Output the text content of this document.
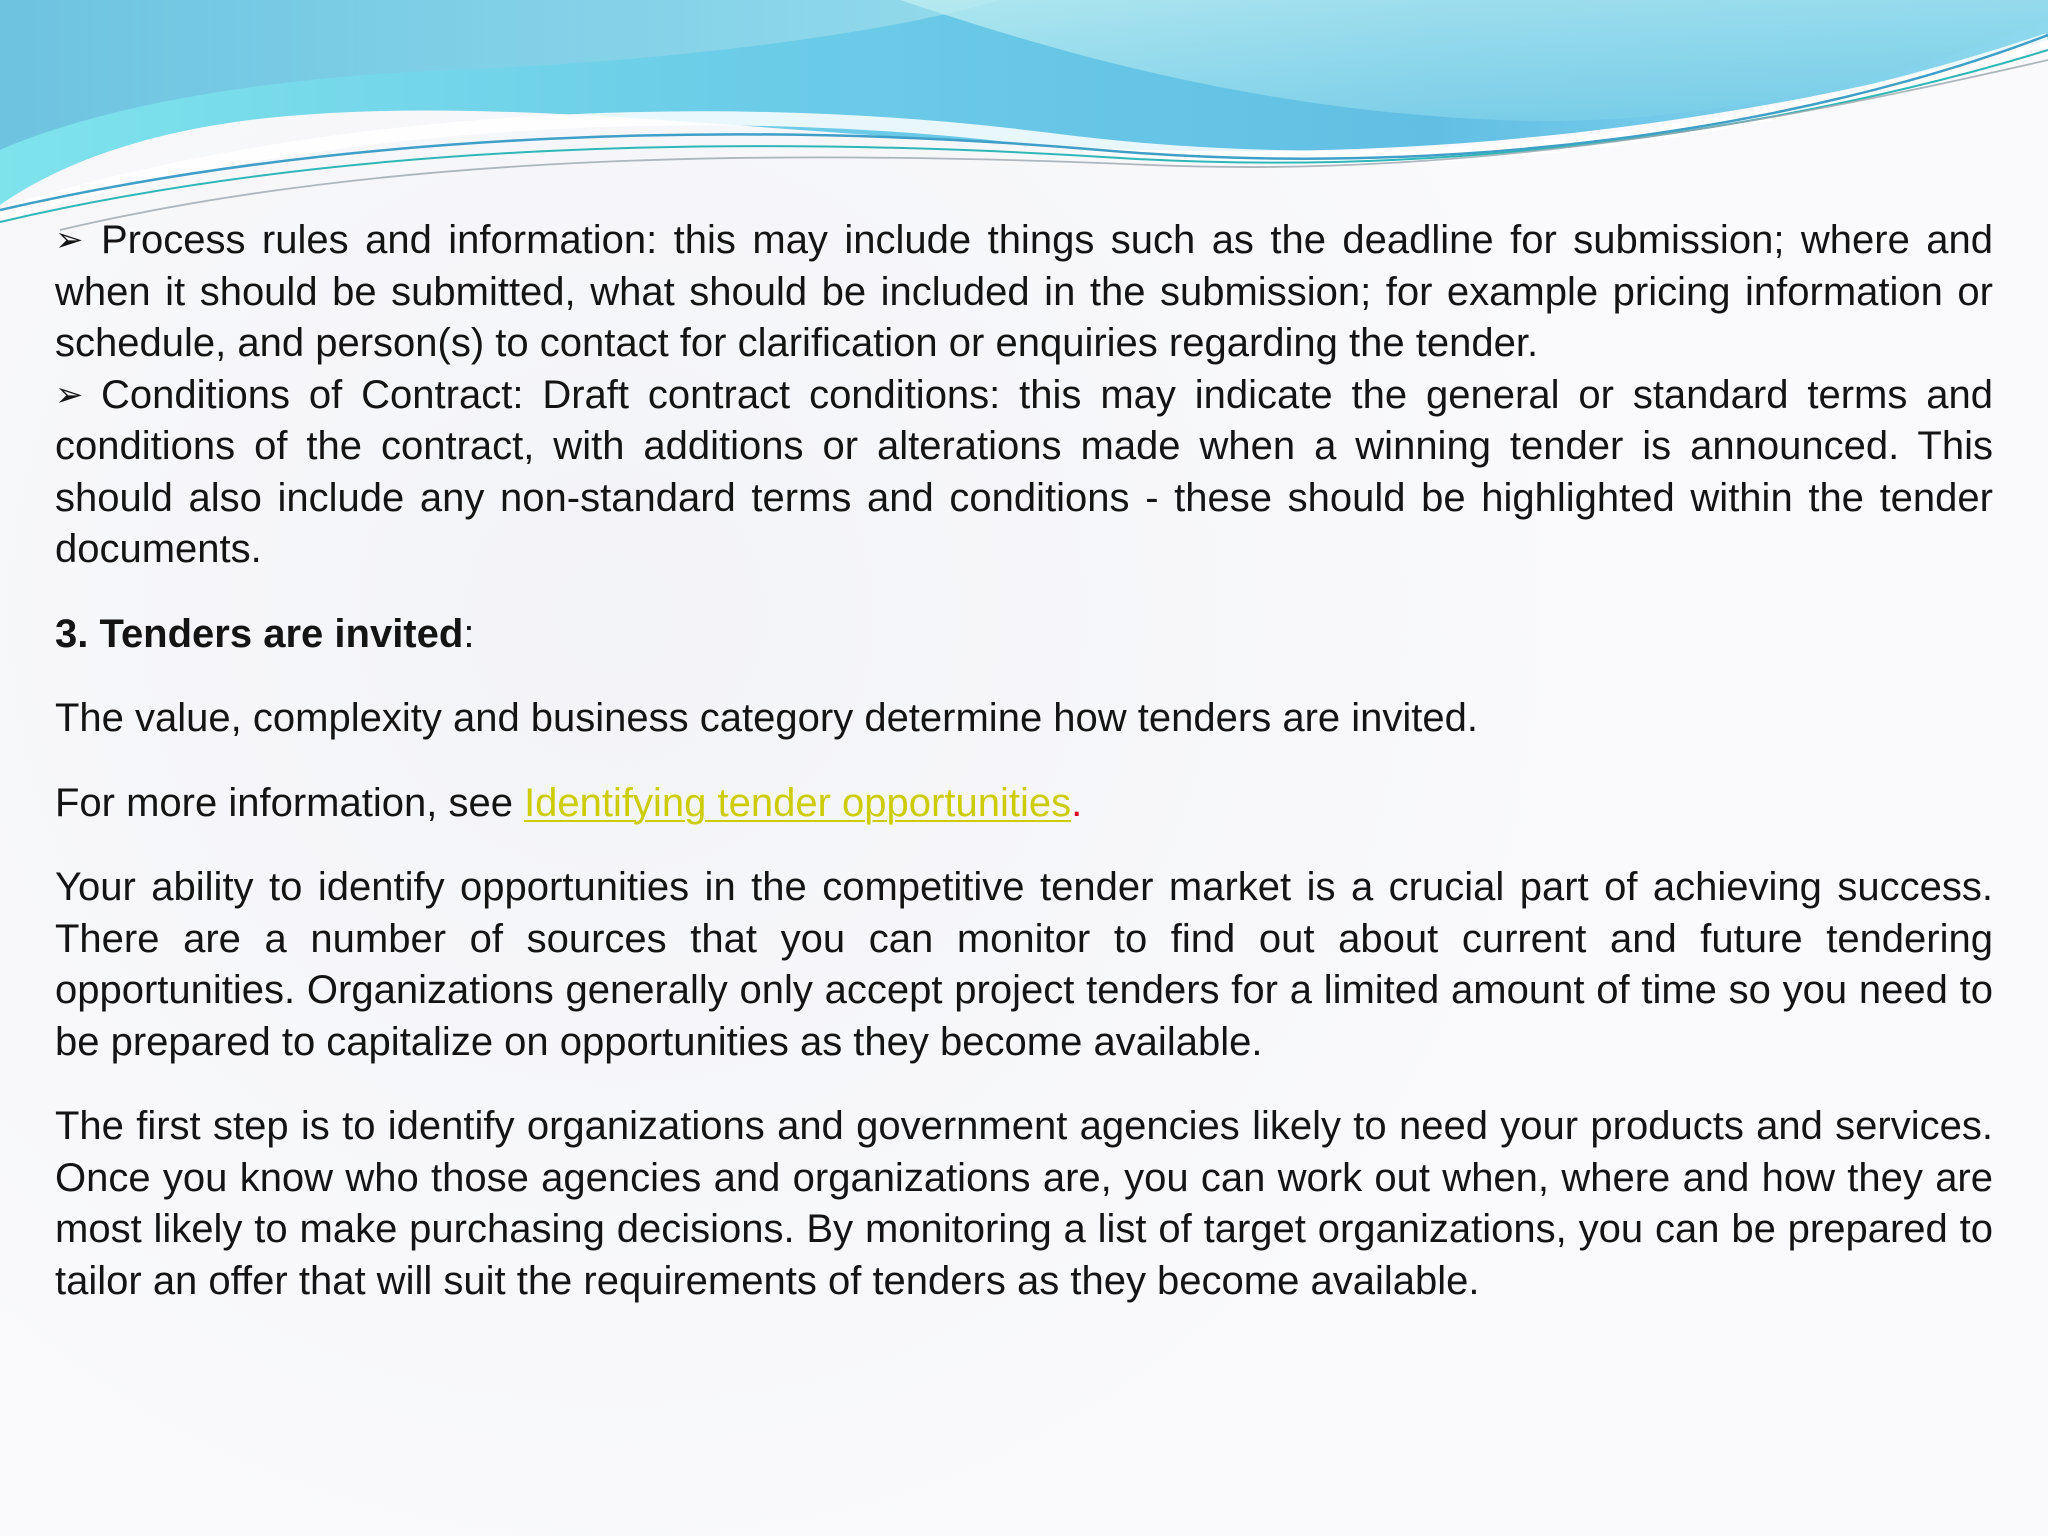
➢ Process rules and information: this may include things such as the deadline for submission; where and when it should be submitted, what should be included in the submission; for example pricing information or schedule, and person(s) to contact for clarification or enquiries regarding the tender.

➢ Conditions of Contract: Draft contract conditions: this may indicate the general or standard terms and conditions of the contract, with additions or alterations made when a winning tender is announced. This should also include any non-standard terms and conditions - these should be highlighted within the tender documents.

3. Tenders are invited:

The value, complexity and business category determine how tenders are invited.

For more information, see Identifying tender opportunities.

Your ability to identify opportunities in the competitive tender market is a crucial part of achieving success. There are a number of sources that you can monitor to find out about current and future tendering opportunities. Organizations generally only accept project tenders for a limited amount of time so you need to be prepared to capitalize on opportunities as they become available.

The first step is to identify organizations and government agencies likely to need your products and services. Once you know who those agencies and organizations are, you can work out when, where and how they are most likely to make purchasing decisions. By monitoring a list of target organizations, you can be prepared to tailor an offer that will suit the requirements of tenders as they become available.
